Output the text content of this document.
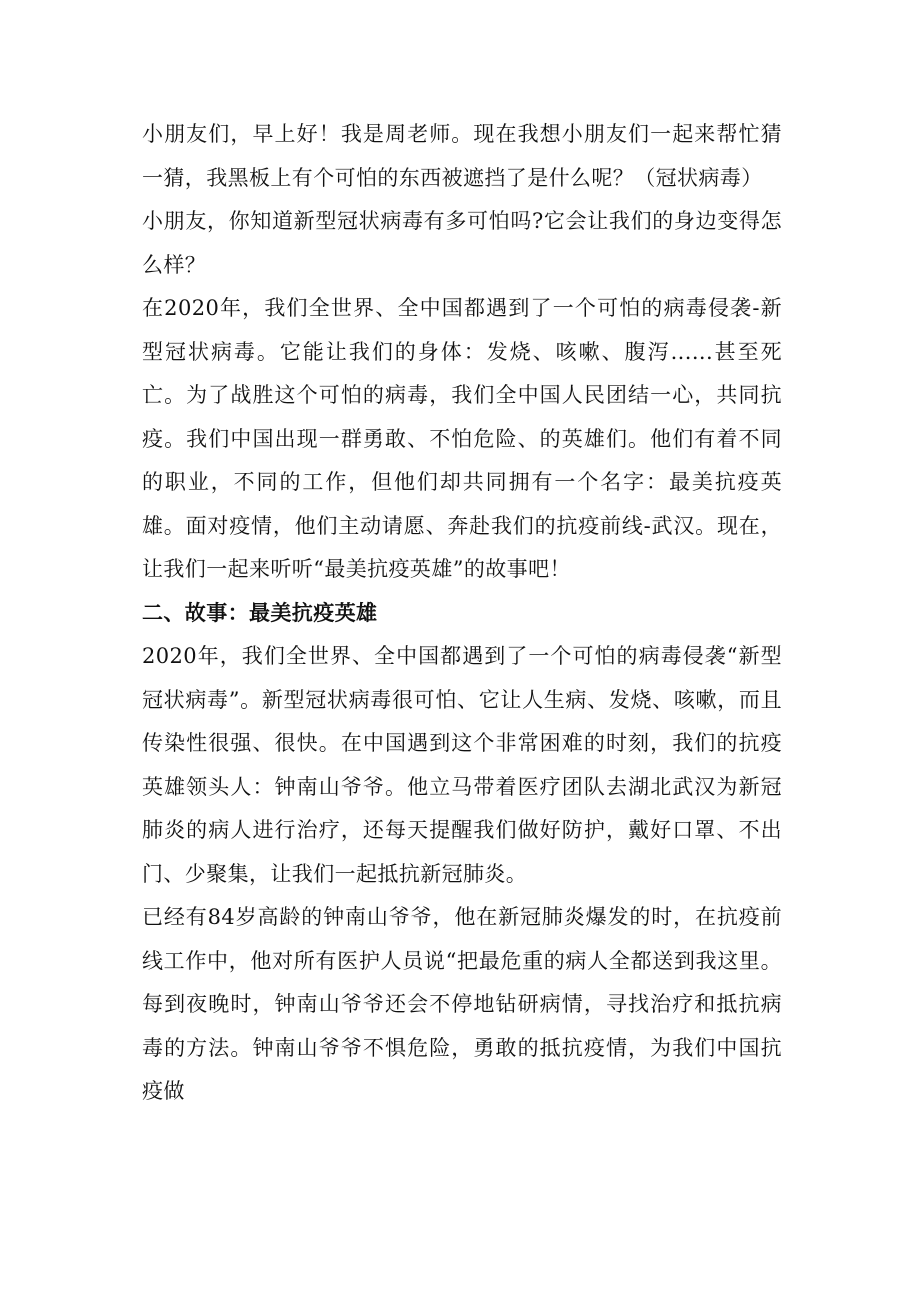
小朋友们，早上好！我是周老师。现在我想小朋友们一起来帮忙猜一猜，我黑板上有个可怕的东西被遮挡了是什么呢？（冠状病毒）

小朋友，你知道新型冠状病毒有多可怕吗?它会让我们的身边变得怎么样？

在2020年，我们全世界、全中国都遇到了一个可怕的病毒侵袭-新型冠状病毒。它能让我们的身体：发烧、咳嗽、腹泻......甚至死亡。为了战胜这个可怕的病毒，我们全中国人民团结一心，共同抗疫。我们中国出现一群勇敢、不怕危险、的英雄们。他们有着不同的职业，不同的工作，但他们却共同拥有一个名字：最美抗疫英雄。面对疫情，他们主动请愿、奔赴我们的抗疫前线-武汉。现在，让我们一起来听听“最美抗疫英雄”的故事吧！

二、故事：最美抗疫英雄

2020年，我们全世界、全中国都遇到了一个可怕的病毒侵袭“新型冠状病毒”。新型冠状病毒很可怕、它让人生病、发烧、咳嗽，而且传染性很强、很快。在中国遇到这个非常困难的时刻，我们的抗疫英雄领头人：钟南山爷爷。他立马带着医疗团队去湖北武汉为新冠肺炎的病人进行治疗，还每天提醒我们做好防护，戴好口罩、不出门、少聚集，让我们一起抵抗新冠肺炎。

已经有84岁高龄的钟南山爷爷，他在新冠肺炎爆发的时，在抗疫前线工作中，他对所有医护人员说“把最危重的病人全都送到我这里。每到夜晚时，钟南山爷爷还会不停地钻研病情，寻找治疗和抵抗病毒的方法。钟南山爷爷不惧危险，勇敢的抵抗疫情，为我们中国抗疫做
